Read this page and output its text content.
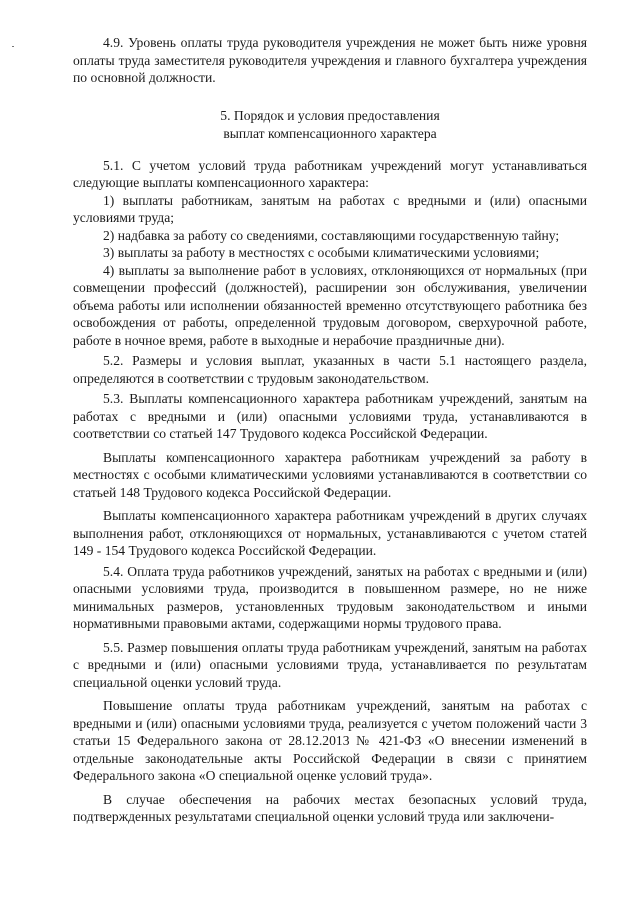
4.9. Уровень оплаты труда руководителя учреждения не может быть ниже уровня оплаты труда заместителя руководителя учреждения и главного бухгалтера учреждения по основной должности.

5. Порядок и условия предоставления
выплат компенсационного характера

5.1. С учетом условий труда работникам учреждений могут устанавливаться следующие выплаты компенсационного характера:

1) выплаты работникам, занятым на работах с вредными и (или) опасными условиями труда;

2) надбавка за работу со сведениями, составляющими государственную тайну;

3) выплаты за работу в местностях с особыми климатическими условиями;

4) выплаты за выполнение работ в условиях, отклоняющихся от нормальных (при совмещении профессий (должностей), расширении зон обслуживания, увеличении объема работы или исполнении обязанностей временно отсутствующего работника без освобождения от работы, определенной трудовым договором, сверхурочной работе, работе в ночное время, работе в выходные и нерабочие праздничные дни).

5.2. Размеры и условия выплат, указанных в части 5.1 настоящего раздела, определяются в соответствии с трудовым законодательством.

5.3. Выплаты компенсационного характера работникам учреждений, занятым на работах с вредными и (или) опасными условиями труда, устанавливаются в соответствии со статьей 147 Трудового кодекса Российской Федерации.

Выплаты компенсационного характера работникам учреждений за работу в местностях с особыми климатическими условиями устанавливаются в соответствии со статьей 148 Трудового кодекса Российской Федерации.

Выплаты компенсационного характера работникам учреждений в других случаях выполнения работ, отклоняющихся от нормальных, устанавливаются с учетом статей 149 - 154 Трудового кодекса Российской Федерации.

5.4. Оплата труда работников учреждений, занятых на работах с вредными и (или) опасными условиями труда, производится в повышенном размере, но не ниже минимальных размеров, установленных трудовым законодательством и иными нормативными правовыми актами, содержащими нормы трудового права.

5.5. Размер повышения оплаты труда работникам учреждений, занятым на работах с вредными и (или) опасными условиями труда, устанавливается по результатам специальной оценки условий труда.

Повышение оплаты труда работникам учреждений, занятым на работах с вредными и (или) опасными условиями труда, реализуется с учетом положений части 3 статьи 15 Федерального закона от 28.12.2013 № 421-ФЗ «О внесении изменений в отдельные законодательные акты Российской Федерации в связи с принятием Федерального закона «О специальной оценке условий труда».

В случае обеспечения на рабочих местах безопасных условий труда, подтвержденных результатами специальной оценки условий труда или заключени-
